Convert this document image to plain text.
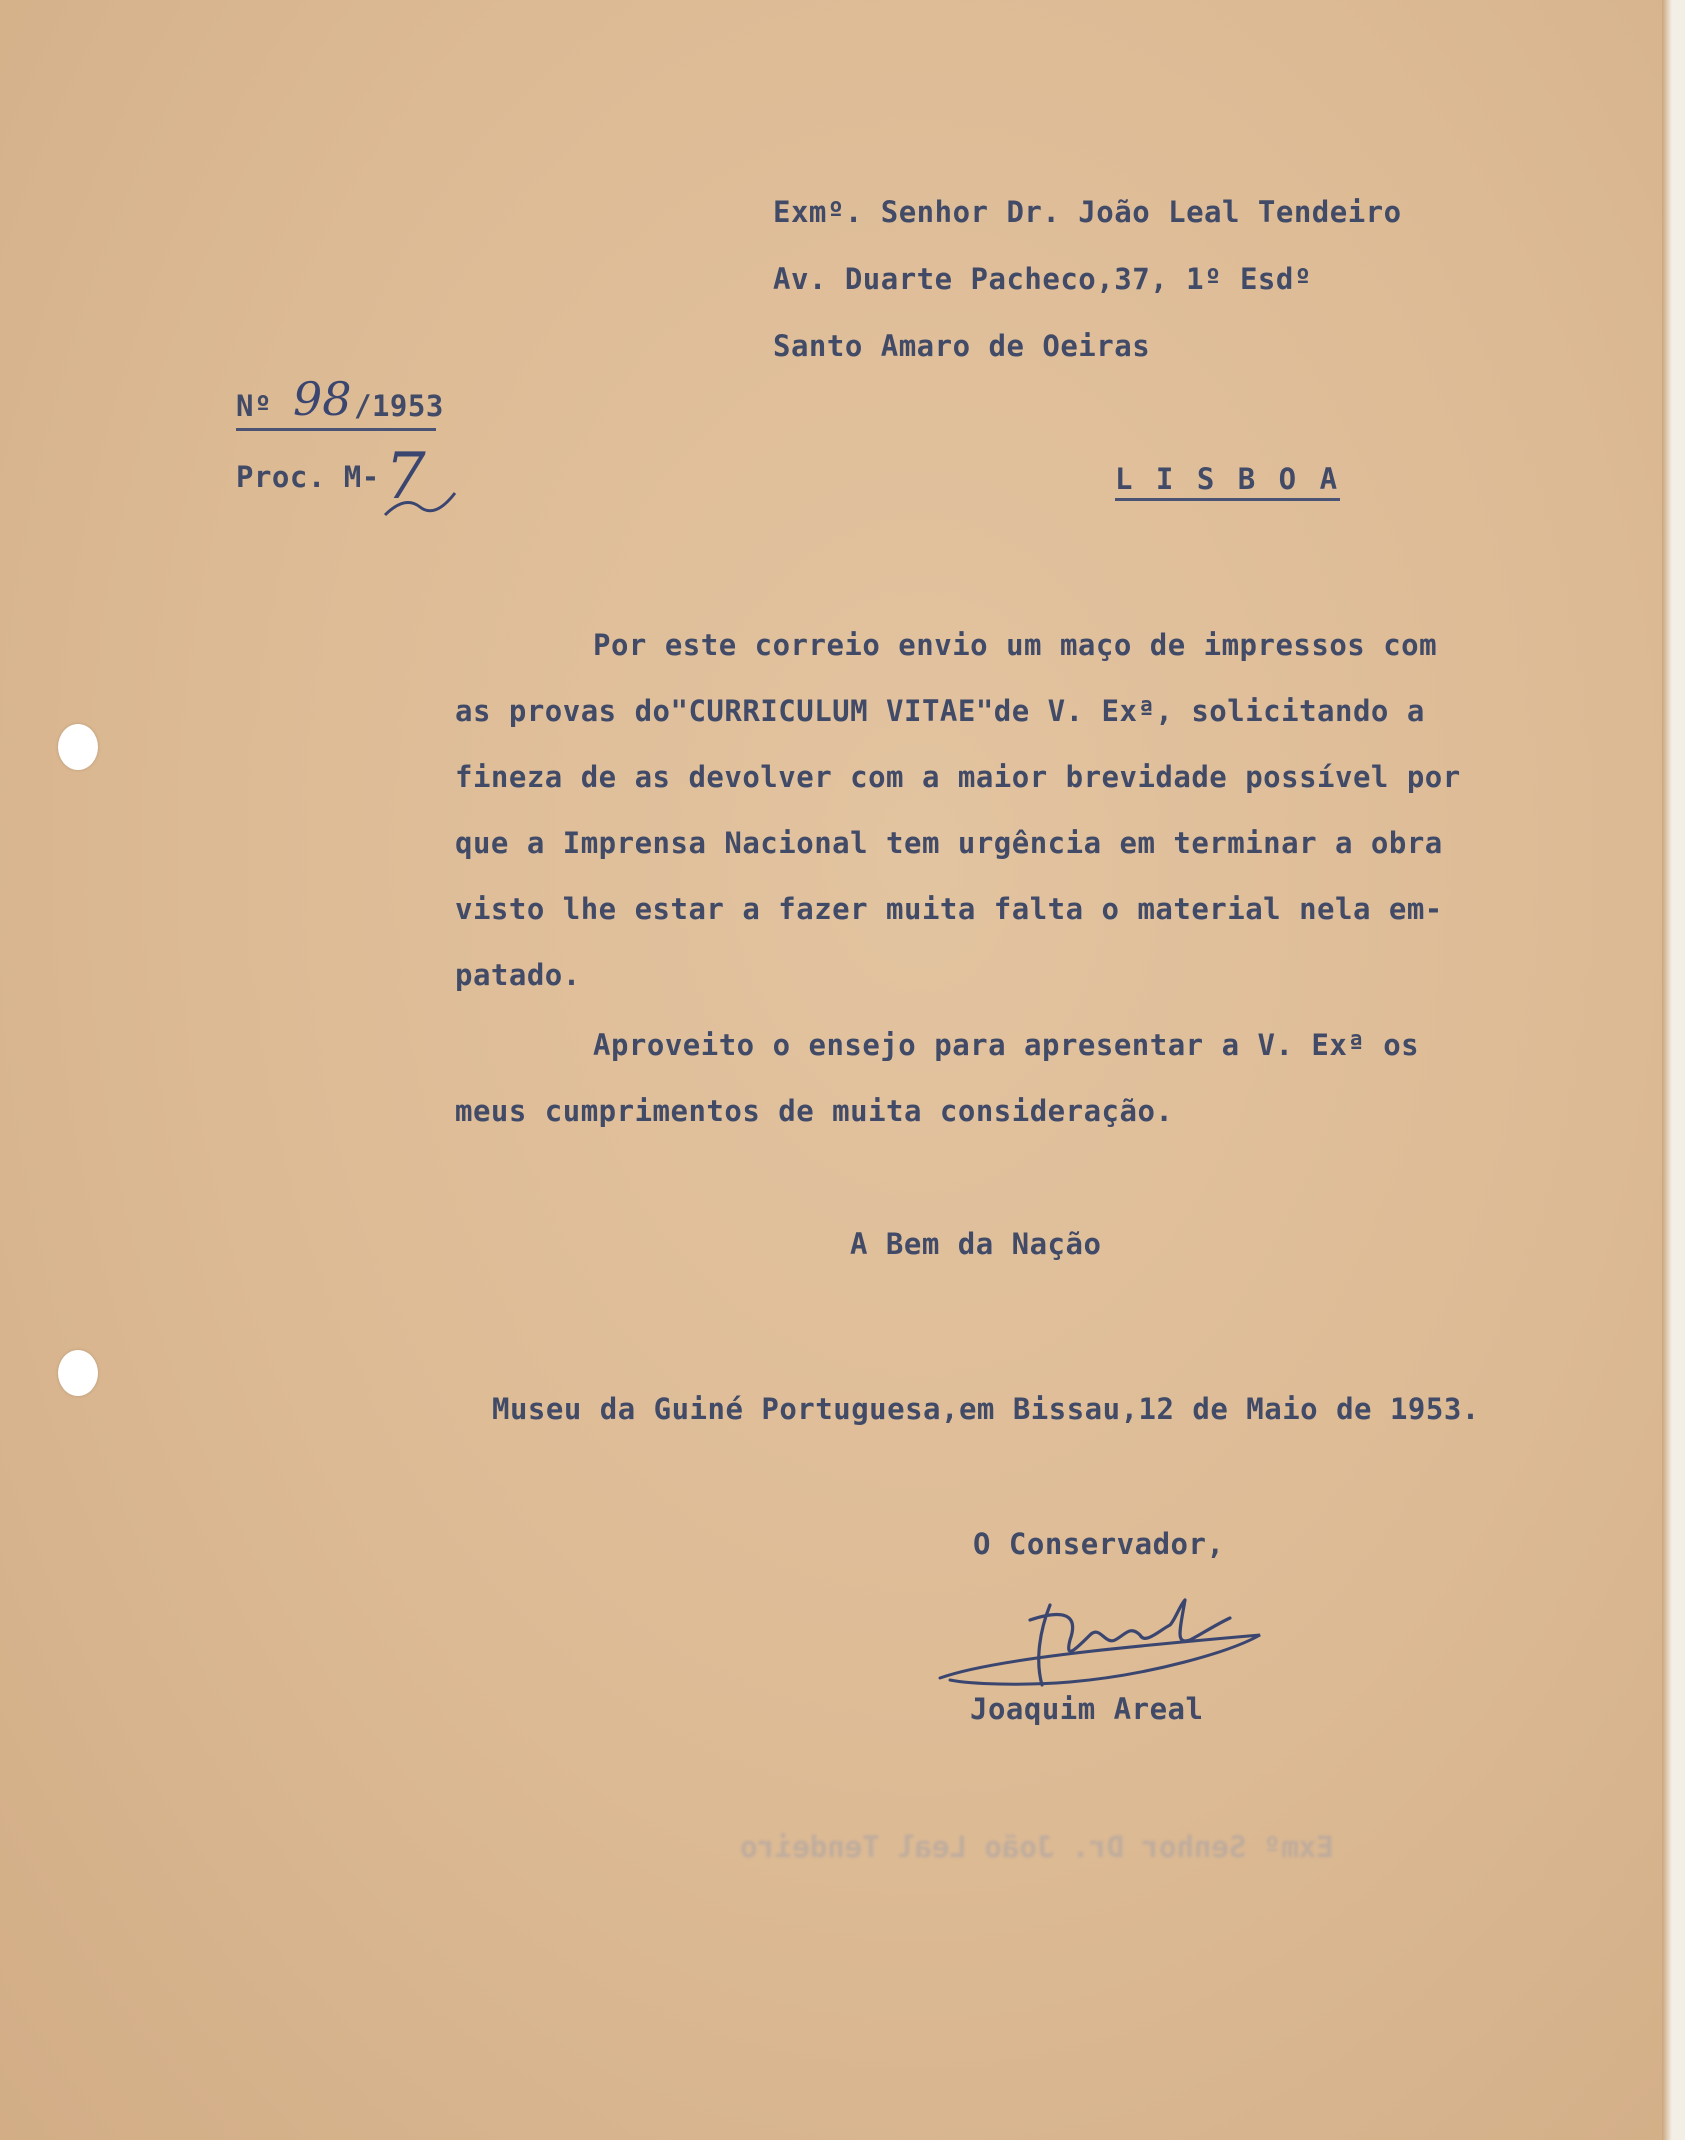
Exmº. Senhor Dr. João Leal Tendeiro
Av. Duarte Pacheco,37, 1º Esdº
Santo Amaro de Oeiras
L I S B O A
Nº 98 /1953
Proc. M- 7
Por este correio envio um maço de impressos com
as provas do"CURRICULUM VITAE"de V. Exª, solicitando a
fineza de as devolver com a maior brevidade possível por
que a Imprensa Nacional tem urgência em terminar a obra
visto lhe estar a fazer muita falta o material nela em-
patado.
Aproveito o ensejo para apresentar a V. Exª os
meus cumprimentos de muita consideração.
A Bem da Nação
Museu da Guiné Portuguesa,em Bissau,12 de Maio de 1953.
O Conservador,
Joaquim Areal
Exmº Senhor Dr. João Leal Tendeiro
